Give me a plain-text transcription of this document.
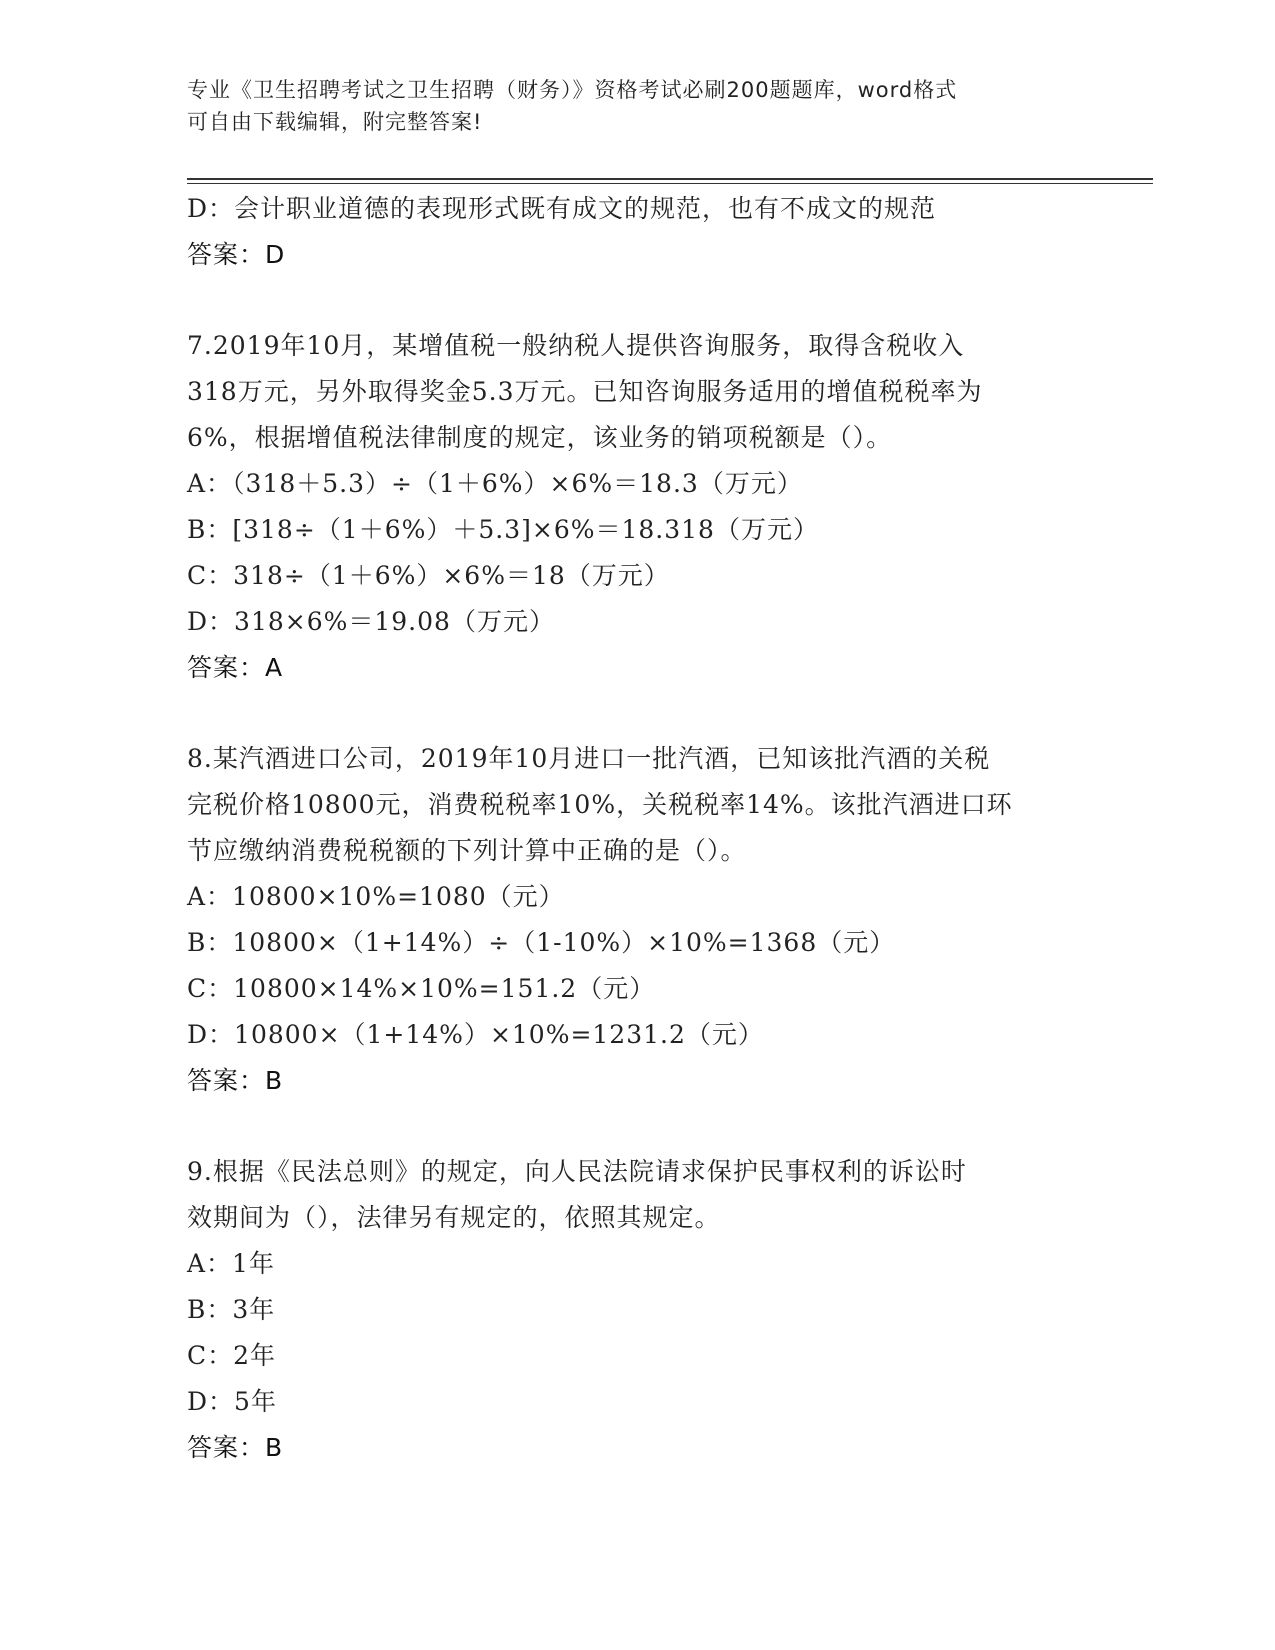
专业《卫生招聘考试之卫生招聘（财务）》资格考试必刷200题题库，word格式
可自由下载编辑，附完整答案!
D：会计职业道德的表现形式既有成文的规范，也有不成文的规范
答案：D
7.2019年10月，某增值税一般纳税人提供咨询服务，取得含税收入
318万元，另外取得奖金5.3万元。已知咨询服务适用的增值税税率为
6%，根据增值税法律制度的规定，该业务的销项税额是（）。
A：（318＋5.3）÷（1＋6%）×6%＝18.3（万元）
B：[318÷（1＋6%）＋5.3]×6%＝18.318（万元）
C：318÷（1＋6%）×6%＝18（万元）
D：318×6%＝19.08（万元）
答案：A
8.某汽酒进口公司，2019年10月进口一批汽酒，已知该批汽酒的关税
完税价格10800元，消费税税率10%，关税税率14%。该批汽酒进口环
节应缴纳消费税税额的下列计算中正确的是（）。
A：10800×10%=1080（元）
B：10800×（1+14%）÷（1-10%）×10%=1368（元）
C：10800×14%×10%=151.2（元）
D：10800×（1+14%）×10%=1231.2（元）
答案：B
9.根据《民法总则》的规定，向人民法院请求保护民事权利的诉讼时
效期间为（），法律另有规定的，依照其规定。
A：1年
B：3年
C：2年
D：5年
答案：B
